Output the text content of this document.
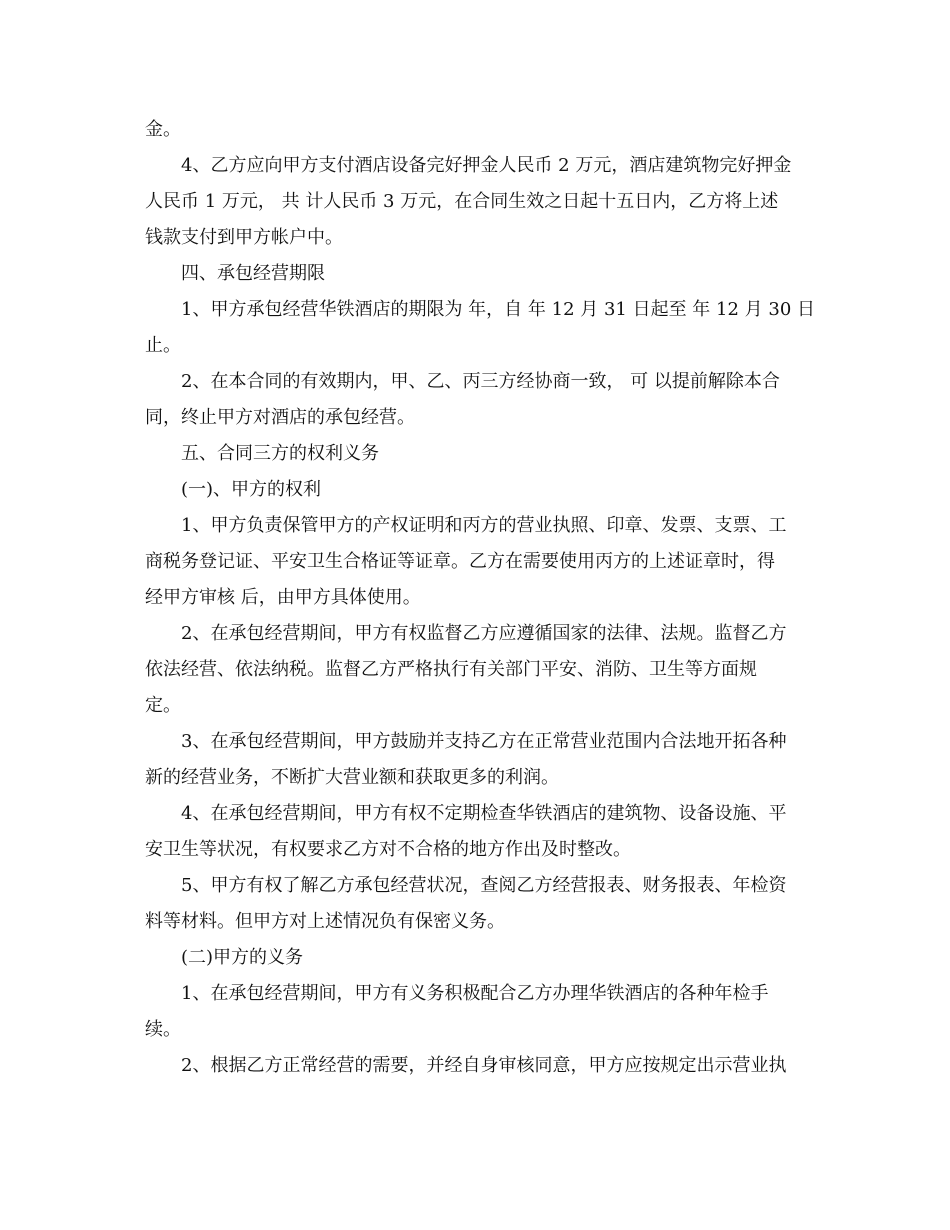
金。
4、乙方应向甲方支付酒店设备完好押金人民币 2 万元，酒店建筑物完好押金
人民币 1 万元， 共 计人民币 3 万元，在合同生效之日起十五日内，乙方将上述
钱款支付到甲方帐户中。
四、承包经营期限
1、甲方承包经营华铁酒店的期限为 年，自 年 12 月 31 日起至 年 12 月 30 日
止。
2、在本合同的有效期内，甲、乙、丙三方经协商一致， 可 以提前解除本合
同，终止甲方对酒店的承包经营。
五、合同三方的权利义务
(一)、甲方的权利
1、甲方负责保管甲方的产权证明和丙方的营业执照、印章、发票、支票、工
商税务登记证、平安卫生合格证等证章。乙方在需要使用丙方的上述证章时，得
经甲方审核 后，由甲方具体使用。
2、在承包经营期间，甲方有权监督乙方应遵循国家的法律、法规。监督乙方
依法经营、依法纳税。监督乙方严格执行有关部门平安、消防、卫生等方面规
定。
3、在承包经营期间，甲方鼓励并支持乙方在正常营业范围内合法地开拓各种
新的经营业务，不断扩大营业额和获取更多的利润。
4、在承包经营期间，甲方有权不定期检查华铁酒店的建筑物、设备设施、平
安卫生等状况，有权要求乙方对不合格的地方作出及时整改。
5、甲方有权了解乙方承包经营状况，查阅乙方经营报表、财务报表、年检资
料等材料。但甲方对上述情况负有保密义务。
(二)甲方的义务
1、在承包经营期间，甲方有义务积极配合乙方办理华铁酒店的各种年检手
续。
2、根据乙方正常经营的需要，并经自身审核同意，甲方应按规定出示营业执
